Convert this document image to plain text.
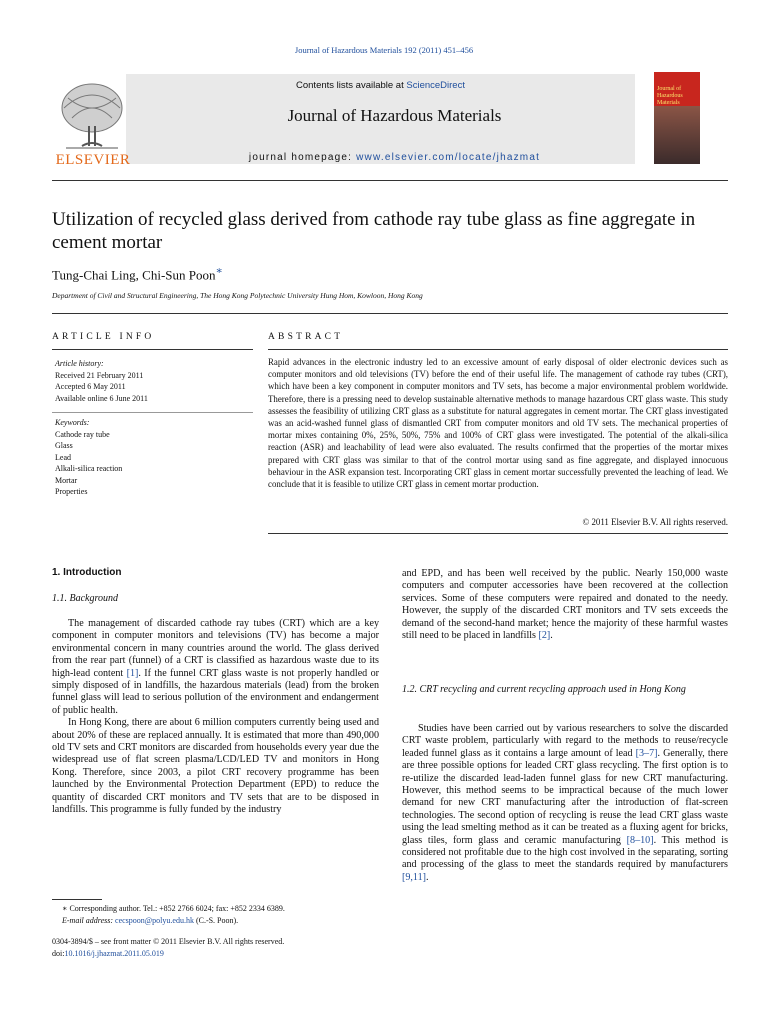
Journal of Hazardous Materials 192 (2011) 451–456
Contents lists available at ScienceDirect
Journal of Hazardous Materials
journal homepage: www.elsevier.com/locate/jhazmat
ELSEVIER
Journal of Hazardous Materials
Utilization of recycled glass derived from cathode ray tube glass as fine aggregate in cement mortar
Tung-Chai Ling, Chi-Sun Poon∗
Department of Civil and Structural Engineering, The Hong Kong Polytechnic University Hung Hom, Kowloon, Hong Kong
ARTICLE INFO	ABSTRACT
Article history:
Received 21 February 2011
Accepted 6 May 2011
Available online 6 June 2011
Keywords:
Cathode ray tube
Glass
Lead
Alkali-silica reaction
Mortar
Properties
Rapid advances in the electronic industry led to an excessive amount of early disposal of older electronic devices such as computer monitors and old televisions (TV) before the end of their useful life. The management of cathode ray tubes (CRT), which have been a key component in computer monitors and TV sets, has become a major environmental problem worldwide. Therefore, there is a pressing need to develop sustainable alternative methods to manage hazardous CRT glass waste. This study assesses the feasibility of utilizing CRT glass as a substitute for natural aggregates in cement mortar. The CRT glass investigated was an acid-washed funnel glass of dismantled CRT from computer monitors and old TV sets. The mechanical properties of mortar mixes containing 0%, 25%, 50%, 75% and 100% of CRT glass were investigated. The potential of the alkali-silica reaction (ASR) and leachability of lead were also evaluated. The results confirmed that the properties of the mortar mixes prepared with CRT glass was similar to that of the control mortar using sand as fine aggregate, and displayed innocuous behaviour in the ASR expansion test. Incorporating CRT glass in cement mortar successfully prevented the leaching of lead. We conclude that it is feasible to utilize CRT glass in cement mortar production.
© 2011 Elsevier B.V. All rights reserved.
1. Introduction
1.1. Background

The management of discarded cathode ray tubes (CRT) which are a key component in computer monitors and televisions (TV) has become a major environmental concern in many countries around the world. The glass derived from the rear part (funnel) of a CRT is classified as hazardous waste due to its high-lead content [1]. If the funnel CRT glass waste is not properly handled or simply disposed of in landfills, the hazardous materials (lead) from the broken funnel glass will lead to serious pollution of the environment and endangerment of public health.

In Hong Kong, there are about 6 million computers currently being used and about 20% of these are replaced annually. It is estimated that more than 490,000 old TV sets and CRT monitors are discarded from households every year due the widespread use of flat screen plasma/LCD/LED TV and monitors in Hong Kong. Therefore, since 2003, a pilot CRT recovery programme has been launched by the Environmental Protection Department (EPD) to reduce the quantity of discarded CRT monitors and TV sets that are to be disposed in landfills. This programme is fully funded by the industry

and EPD, and has been well received by the public. Nearly 150,000 waste computers and computer accessories have been recovered at the collection services. Some of these computers were repaired and donated to the needy. However, the supply of the discarded CRT monitors and TV sets exceeds the demand of the second-hand market; hence the majority of these harmful wastes still need to be placed in landfills [2].

1.2. CRT recycling and current recycling approach used in Hong Kong

Studies have been carried out by various researchers to solve the discarded CRT waste problem, particularly with regard to the methods to reuse/recycle leaded funnel glass as it contains a large amount of lead [3–7]. Generally, there are three possible options for leaded CRT glass recycling. The first option is to re-utilize the discarded lead-laden funnel glass for new CRT manufacturing. However, this method seems to be impractical because of the much lower demand for new CRT manufacturing after the introduction of flat-screen technologies. The second option of recycling is reuse the lead CRT glass waste using the lead smelting method as it can be treated as a fluxing agent for bricks, glass tiles, form glass and ceramic manufacturing [8–10]. This method is considered not profitable due to the high cost involved in the separating, sorting and processing of the glass to meet the standards required by manufacturers [9,11].

∗ Corresponding author. Tel.: +852 2766 6024; fax: +852 2334 6389.
E-mail address: cecspoon@polyu.edu.hk (C.-S. Poon).
0304-3894/$ – see front matter © 2011 Elsevier B.V. All rights reserved.
doi:10.1016/j.jhazmat.2011.05.019
